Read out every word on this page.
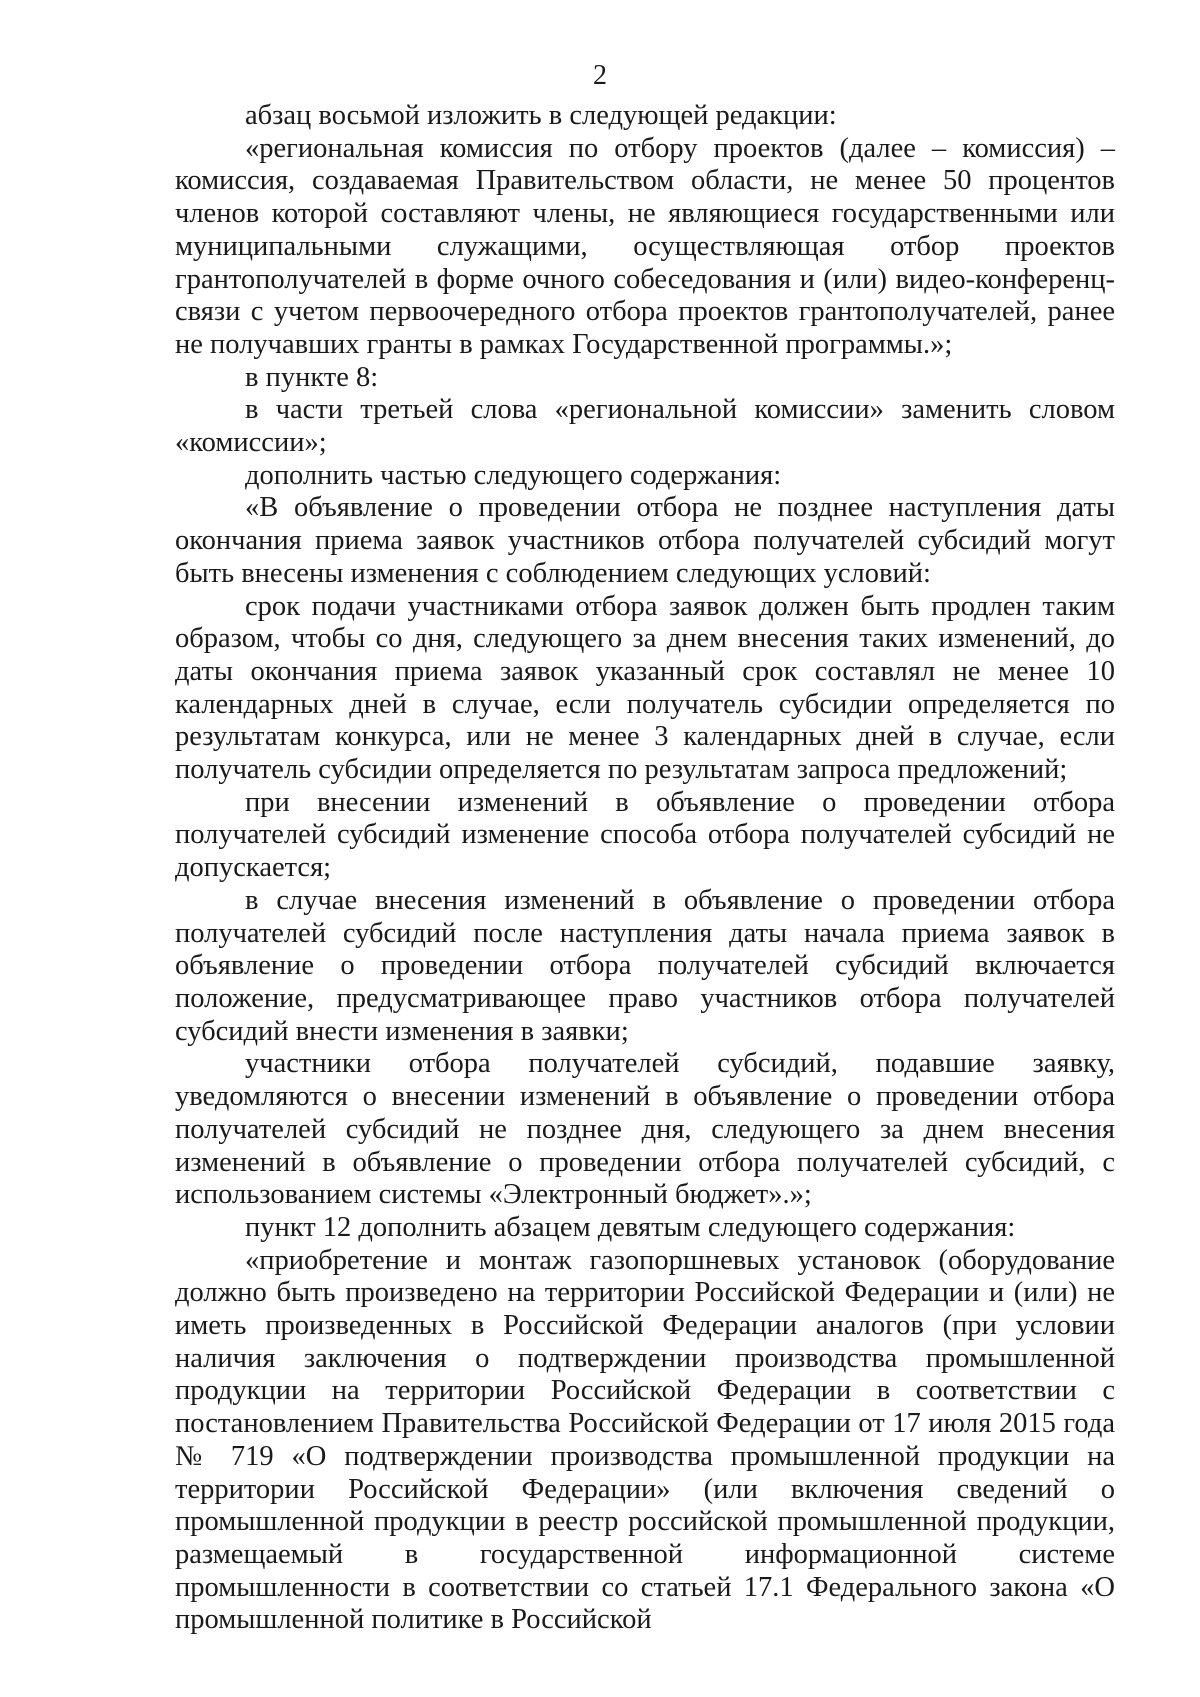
2

абзац восьмой изложить в следующей редакции:

«региональная комиссия по отбору проектов (далее – комиссия) – комиссия, создаваемая Правительством области, не менее 50 процентов членов которой составляют члены, не являющиеся государственными или муниципальными служащими, осуществляющая отбор проектов грантополучателей в форме очного собеседования и (или) видео-конференц-связи с учетом первоочередного отбора проектов грантополучателей, ранее не получавших гранты в рамках Государственной программы.»;

в пункте 8:

в части третьей слова «региональной комиссии» заменить словом «комиссии»;

дополнить частью следующего содержания:

«В объявление о проведении отбора не позднее наступления даты окончания приема заявок участников отбора получателей субсидий могут быть внесены изменения с соблюдением следующих условий:

срок подачи участниками отбора заявок должен быть продлен таким образом, чтобы со дня, следующего за днем внесения таких изменений, до даты окончания приема заявок указанный срок составлял не менее 10 календарных дней в случае, если получатель субсидии определяется по результатам конкурса, или не менее 3 календарных дней в случае, если получатель субсидии определяется по результатам запроса предложений;

при внесении изменений в объявление о проведении отбора получателей субсидий изменение способа отбора получателей субсидий не допускается;

в случае внесения изменений в объявление о проведении отбора получателей субсидий после наступления даты начала приема заявок в объявление о проведении отбора получателей субсидий включается положение, предусматривающее право участников отбора получателей субсидий внести изменения в заявки;

участники отбора получателей субсидий, подавшие заявку, уведомляются о внесении изменений в объявление о проведении отбора получателей субсидий не позднее дня, следующего за днем внесения изменений в объявление о проведении отбора получателей субсидий, с использованием системы «Электронный бюджет».»;

пункт 12 дополнить абзацем девятым следующего содержания:

«приобретение и монтаж газопоршневых установок (оборудование должно быть произведено на территории Российской Федерации и (или) не иметь произведенных в Российской Федерации аналогов (при условии наличия заключения о подтверждении производства промышленной продукции на территории Российской Федерации в соответствии с постановлением Правительства Российской Федерации от 17 июля 2015 года № 719 «О подтверждении производства промышленной продукции на территории Российской Федерации» (или включения сведений о промышленной продукции в реестр российской промышленной продукции, размещаемый в государственной информационной системе промышленности в соответствии со статьей 17.1 Федерального закона «О промышленной политике в Российской
